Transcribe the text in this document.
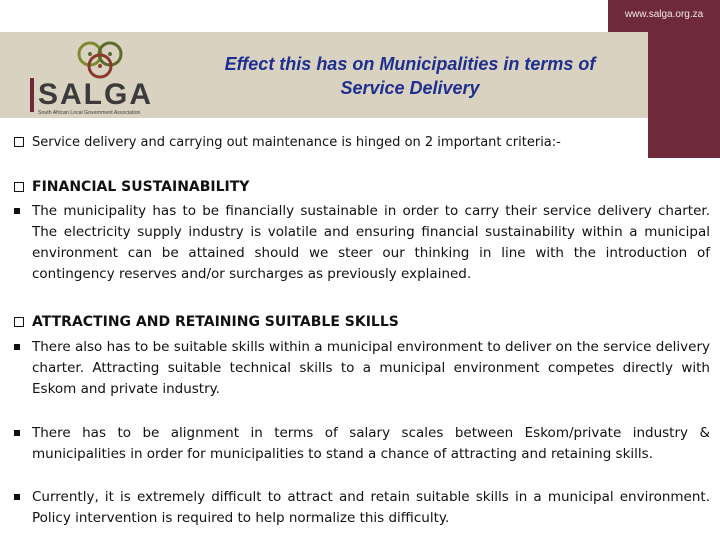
www.salga.org.za
SALGA
South African Local Government Association
Effect this has on Municipalities in terms of
Service Delivery
Service delivery and carrying out maintenance is hinged on 2 important criteria:-
FINANCIAL SUSTAINABILITY
The municipality has to be financially sustainable in order to carry their service delivery charter. The electricity supply industry is volatile and ensuring financial sustainability within a municipal environment can be attained should we steer our thinking in line with the introduction of contingency reserves and/or surcharges as previously explained.
ATTRACTING AND RETAINING SUITABLE SKILLS
There also has to be suitable skills within a municipal environment to deliver on the service delivery charter. Attracting suitable technical skills to a municipal environment competes directly with Eskom and private industry.
There has to be alignment in terms of salary scales between Eskom/private industry & municipalities in order for municipalities to stand a chance of attracting and retaining skills.
Currently, it is extremely difficult to attract and retain suitable skills in a municipal environment. Policy intervention is required to help normalize this difficulty.
